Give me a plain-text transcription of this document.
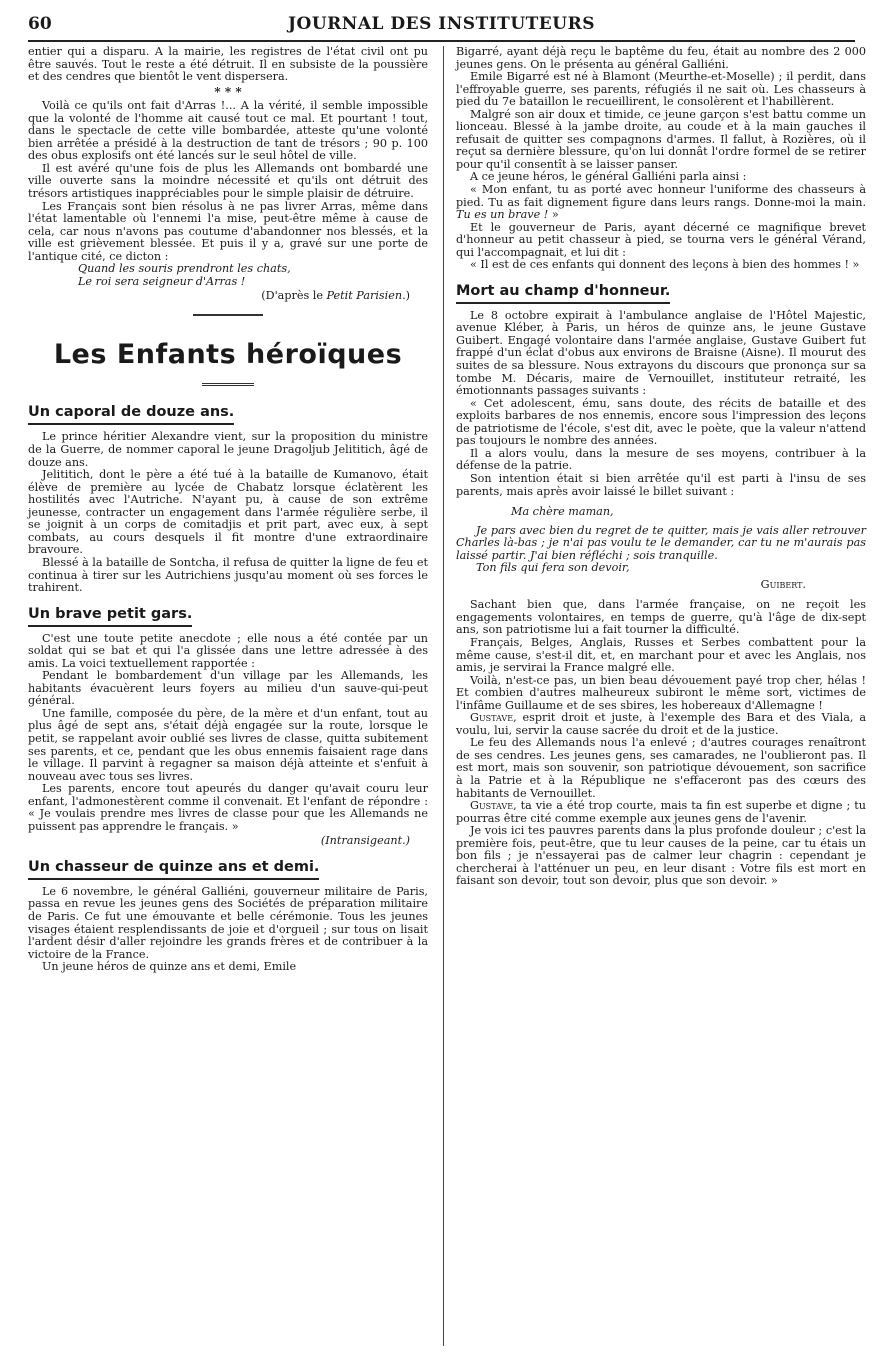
60	JOURNAL DES INSTITUTEURS

entier qui a disparu. A la mairie, les registres de l'état civil ont pu être sauvés. Tout le reste a été détruit. Il en subsiste de la poussière et des cendres que bientôt le vent dispersera.

* * *

Voilà ce qu'ils ont fait d'Arras !... A la vérité, il semble impossible que la volonté de l'homme ait causé tout ce mal. Et pourtant ! tout, dans le spectacle de cette ville bombardée, atteste qu'une volonté bien arrêtée a présidé à la destruction de tant de trésors ; 90 p. 100 des obus explosifs ont été lancés sur le seul hôtel de ville.

Il est avéré qu'une fois de plus les Allemands ont bombardé une ville ouverte sans la moindre nécessité et qu'ils ont détruit des trésors artistiques inappréciables pour le simple plaisir de détruire.

Les Français sont bien résolus à ne pas livrer Arras, même dans l'état lamentable où l'ennemi l'a mise, peut-être même à cause de cela, car nous n'avons pas coutume d'abandonner nos blessés, et la ville est grièvement blessée. Et puis il y a, gravé sur une porte de l'antique cité, ce dicton :

Quand les souris prendront les chats,
Le roi sera seigneur d'Arras !
(D'après le Petit Parisien.)
Les Enfants héroïques
Un caporal de douze ans.

Le prince héritier Alexandre vient, sur la proposition du ministre de la Guerre, de nommer caporal le jeune Dragoljub Jelititich, âgé de douze ans.

Jelititich, dont le père a été tué à la bataille de Kumanovo, était élève de première au lycée de Chabatz lorsque éclatèrent les hostilités avec l'Autriche. N'ayant pu, à cause de son extrême jeunesse, contracter un engagement dans l'armée régulière serbe, il se joignit à un corps de comitadjis et prit part, avec eux, à sept combats, au cours desquels il fit montre d'une extraordinaire bravoure.

Blessé à la bataille de Sontcha, il refusa de quitter la ligne de feu et continua à tirer sur les Autrichiens jusqu'au moment où ses forces le trahirent.

Un brave petit gars.

C'est une toute petite anecdote ; elle nous a été contée par un soldat qui se bat et qui l'a glissée dans une lettre adressée à des amis. La voici textuellement rapportée :

Pendant le bombardement d'un village par les Allemands, les habitants évacuèrent leurs foyers au milieu d'un sauve-qui-peut général.

Une famille, composée du père, de la mère et d'un enfant, tout au plus âgé de sept ans, s'était déjà engagée sur la route, lorsque le petit, se rappelant avoir oublié ses livres de classe, quitta subitement ses parents, et ce, pendant que les obus ennemis faisaient rage dans le village. Il parvint à regagner sa maison déjà atteinte et s'enfuit à nouveau avec tous ses livres.

Les parents, encore tout apeurés du danger qu'avait couru leur enfant, l'admonestèrent comme il convenait. Et l'enfant de répondre : « Je voulais prendre mes livres de classe pour que les Allemands ne puissent pas apprendre le français. »

(Intransigeant.)
Un chasseur de quinze ans et demi.

Le 6 novembre, le général Galliéni, gouverneur militaire de Paris, passa en revue les jeunes gens des Sociétés de préparation militaire de Paris. Ce fut une émouvante et belle cérémonie. Tous les jeunes visages étaient resplendissants de joie et d'orgueil ; sur tous on lisait l'ardent désir d'aller rejoindre les grands frères et de contribuer à la victoire de la France.

Un jeune héros de quinze ans et demi, Emile

Bigarré, ayant déjà reçu le baptême du feu, était au nombre des 2 000 jeunes gens. On le présenta au général Galliéni.

Emile Bigarré est né à Blamont (Meurthe-et-Moselle) ; il perdit, dans l'effroyable guerre, ses parents, réfugiés il ne sait où. Les chasseurs à pied du 7e bataillon le recueillirent, le consolèrent et l'habillèrent.

Malgré son air doux et timide, ce jeune garçon s'est battu comme un lionceau. Blessé à la jambe droite, au coude et à la main gauches il refusait de quitter ses compagnons d'armes. Il fallut, à Rozières, où il reçut sa dernière blessure, qu'on lui donnât l'ordre formel de se retirer pour qu'il consentît à se laisser panser.

A ce jeune héros, le général Galliéni parla ainsi :

« Mon enfant, tu as porté avec honneur l'uniforme des chasseurs à pied. Tu as fait dignement figure dans leurs rangs. Donne-moi la main. Tu es un brave ! »

Et le gouverneur de Paris, ayant décerné ce magnifique brevet d'honneur au petit chasseur à pied, se tourna vers le général Vérand, qui l'accompagnait, et lui dit :

« Il est de ces enfants qui donnent des leçons à bien des hommes ! »

Mort au champ d'honneur.

Le 8 octobre expirait à l'ambulance anglaise de l'Hôtel Majestic, avenue Kléber, à Paris, un héros de quinze ans, le jeune Gustave Guibert. Engagé volontaire dans l'armée anglaise, Gustave Guibert fut frappé d'un éclat d'obus aux environs de Braisne (Aisne). Il mourut des suites de sa blessure. Nous extrayons du discours que prononça sur sa tombe M. Décaris, maire de Vernouillet, instituteur retraité, les émotionnants passages suivants :

« Cet adolescent, ému, sans doute, des récits de bataille et des exploits barbares de nos ennemis, encore sous l'impression des leçons de patriotisme de l'école, s'est dit, avec le poète, que la valeur n'attend pas toujours le nombre des années.

Il a alors voulu, dans la mesure de ses moyens, contribuer à la défense de la patrie.

Son intention était si bien arrêtée qu'il est parti à l'insu de ses parents, mais après avoir laissé le billet suivant :

Ma chère maman,

Je pars avec bien du regret de te quitter, mais je vais aller retrouver Charles là-bas ; je n'ai pas voulu te le demander, car tu ne m'aurais pas laissé partir. J'ai bien réfléchi ; sois tranquille.

Ton fils qui fera son devoir,

Guibert.

Sachant bien que, dans l'armée française, on ne reçoit les engagements volontaires, en temps de guerre, qu'à l'âge de dix-sept ans, son patriotisme lui a fait tourner la difficulté.

Français, Belges, Anglais, Russes et Serbes combattent pour la même cause, s'est-il dit, et, en marchant pour et avec les Anglais, nos amis, je servirai la France malgré elle.

Voilà, n'est-ce pas, un bien beau dévouement payé trop cher, hélas ! Et combien d'autres malheureux subiront le même sort, victimes de l'infâme Guillaume et de ses sbires, les hobereaux d'Allemagne !

Gustave, esprit droit et juste, à l'exemple des Bara et des Viala, a voulu, lui, servir la cause sacrée du droit et de la justice.

Le feu des Allemands nous l'a enlevé ; d'autres courages renaîtront de ses cendres. Les jeunes gens, ses camarades, ne l'oublieront pas. Il est mort, mais son souvenir, son patriotique dévouement, son sacrifice à la Patrie et à la République ne s'effaceront pas des cœurs des habitants de Vernouillet.

Gustave, ta vie a été trop courte, mais ta fin est superbe et digne ; tu pourras être cité comme exemple aux jeunes gens de l'avenir.

Je vois ici tes pauvres parents dans la plus profonde douleur ; c'est la première fois, peut-être, que tu leur causes de la peine, car tu étais un bon fils ; je n'essayerai pas de calmer leur chagrin : cependant je chercherai à l'atténuer un peu, en leur disant : Votre fils est mort en faisant son devoir, tout son devoir, plus que son devoir. »
